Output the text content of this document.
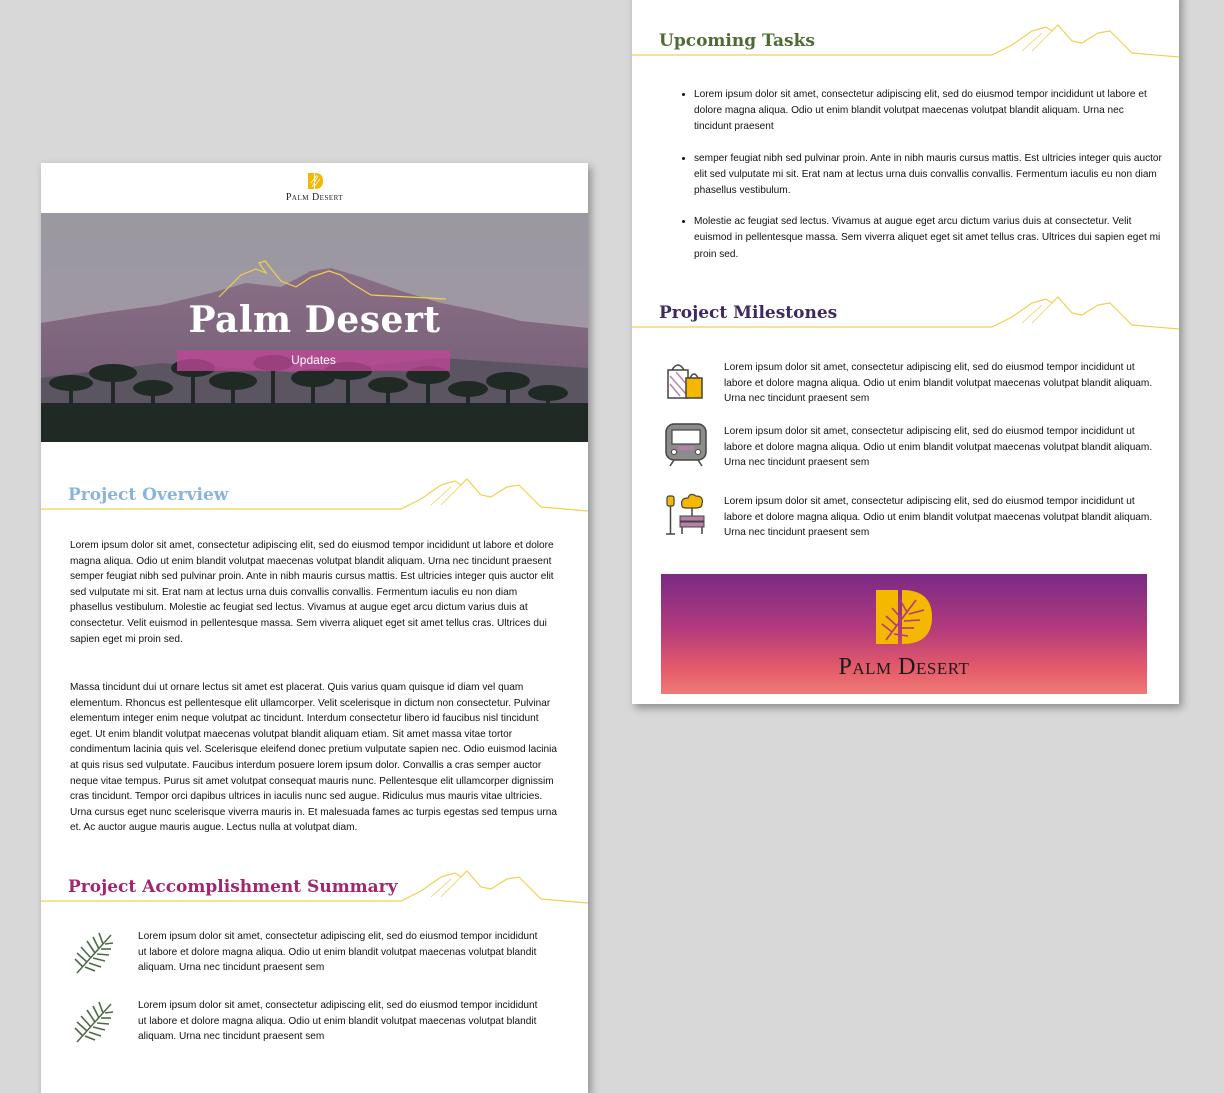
Palm Desert
Palm Desert
Updates
Project Overview
Lorem ipsum dolor sit amet, consectetur adipiscing elit, sed do eiusmod tempor incididunt ut labore et dolore magna aliqua. Odio ut enim blandit volutpat maecenas volutpat blandit aliquam. Urna nec tincidunt praesent semper feugiat nibh sed pulvinar proin. Ante in nibh mauris cursus mattis. Est ultricies integer quis auctor elit sed vulputate mi sit. Erat nam at lectus urna duis convallis convallis. Fermentum iaculis eu non diam phasellus vestibulum. Molestie ac feugiat sed lectus. Vivamus at augue eget arcu dictum varius duis at consectetur. Velit euismod in pellentesque massa. Sem viverra aliquet eget sit amet tellus cras. Ultrices dui sapien eget mi proin sed.
Massa tincidunt dui ut ornare lectus sit amet est placerat. Quis varius quam quisque id diam vel quam elementum. Rhoncus est pellentesque elit ullamcorper. Velit scelerisque in dictum non consectetur. Pulvinar elementum integer enim neque volutpat ac tincidunt. Interdum consectetur libero id faucibus nisl tincidunt eget. Ut enim blandit volutpat maecenas volutpat blandit aliquam etiam. Sit amet massa vitae tortor condimentum lacinia quis vel. Scelerisque eleifend donec pretium vulputate sapien nec. Odio euismod lacinia at quis risus sed vulputate. Faucibus interdum posuere lorem ipsum dolor. Convallis a cras semper auctor neque vitae tempus. Purus sit amet volutpat consequat mauris nunc. Pellentesque elit ullamcorper dignissim cras tincidunt. Tempor orci dapibus ultrices in iaculis nunc sed augue. Ridiculus mus mauris vitae ultricies. Urna cursus eget nunc scelerisque viverra mauris in. Et malesuada fames ac turpis egestas sed tempus urna et. Ac auctor augue mauris augue. Lectus nulla at volutpat diam.
Project Accomplishment Summary
Lorem ipsum dolor sit amet, consectetur adipiscing elit, sed do eiusmod tempor incididunt ut labore et dolore magna aliqua. Odio ut enim blandit volutpat maecenas volutpat blandit aliquam. Urna nec tincidunt praesent sem
Lorem ipsum dolor sit amet, consectetur adipiscing elit, sed do eiusmod tempor incididunt ut labore et dolore magna aliqua. Odio ut enim blandit volutpat maecenas volutpat blandit aliquam. Urna nec tincidunt praesent sem
Upcoming Tasks
• Lorem ipsum dolor sit amet, consectetur adipiscing elit, sed do eiusmod tempor incididunt ut labore et dolore magna aliqua. Odio ut enim blandit volutpat maecenas volutpat blandit aliquam. Urna nec tincidunt praesent
• semper feugiat nibh sed pulvinar proin. Ante in nibh mauris cursus mattis. Est ultricies integer quis auctor elit sed vulputate mi sit. Erat nam at lectus urna duis convallis convallis. Fermentum iaculis eu non diam phasellus vestibulum.
• Molestie ac feugiat sed lectus. Vivamus at augue eget arcu dictum varius duis at consectetur. Velit euismod in pellentesque massa. Sem viverra aliquet eget sit amet tellus cras. Ultrices dui sapien eget mi proin sed.
Project Milestones
Lorem ipsum dolor sit amet, consectetur adipiscing elit, sed do eiusmod tempor incididunt ut labore et dolore magna aliqua. Odio ut enim blandit volutpat maecenas volutpat blandit aliquam. Urna nec tincidunt praesent sem
Lorem ipsum dolor sit amet, consectetur adipiscing elit, sed do eiusmod tempor incididunt ut labore et dolore magna aliqua. Odio ut enim blandit volutpat maecenas volutpat blandit aliquam. Urna nec tincidunt praesent sem
Lorem ipsum dolor sit amet, consectetur adipiscing elit, sed do eiusmod tempor incididunt ut labore et dolore magna aliqua. Odio ut enim blandit volutpat maecenas volutpat blandit aliquam. Urna nec tincidunt praesent sem
Palm Desert
